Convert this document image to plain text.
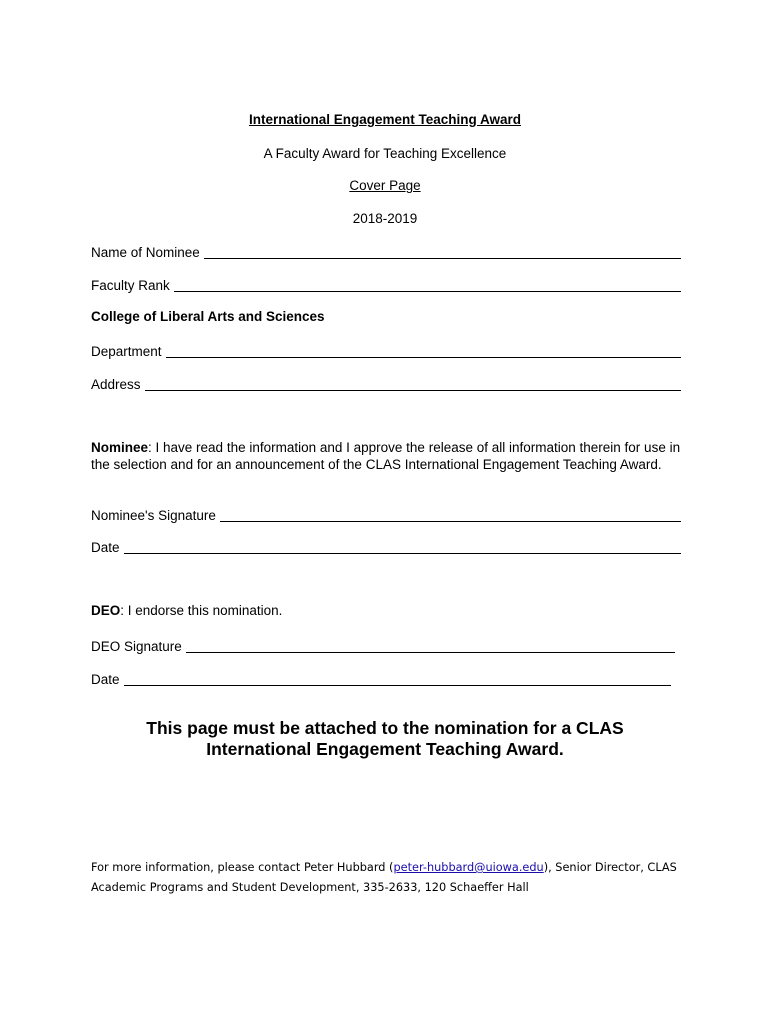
International Engagement Teaching Award
A Faculty Award for Teaching Excellence
Cover Page
2018-2019
Name of Nominee
Faculty Rank
College of Liberal Arts and Sciences
Department
Address
Nominee: I have read the information and I approve the release of all information therein for use in the selection and for an announcement of the CLAS International Engagement Teaching Award.
Nominee's Signature
Date
DEO: I endorse this nomination.
DEO Signature
Date
This page must be attached to the nomination for a CLAS
International Engagement Teaching Award.
For more information, please contact Peter Hubbard (peter-hubbard@uiowa.edu), Senior Director, CLAS
Academic Programs and Student Development, 335-2633, 120 Schaeffer Hall
